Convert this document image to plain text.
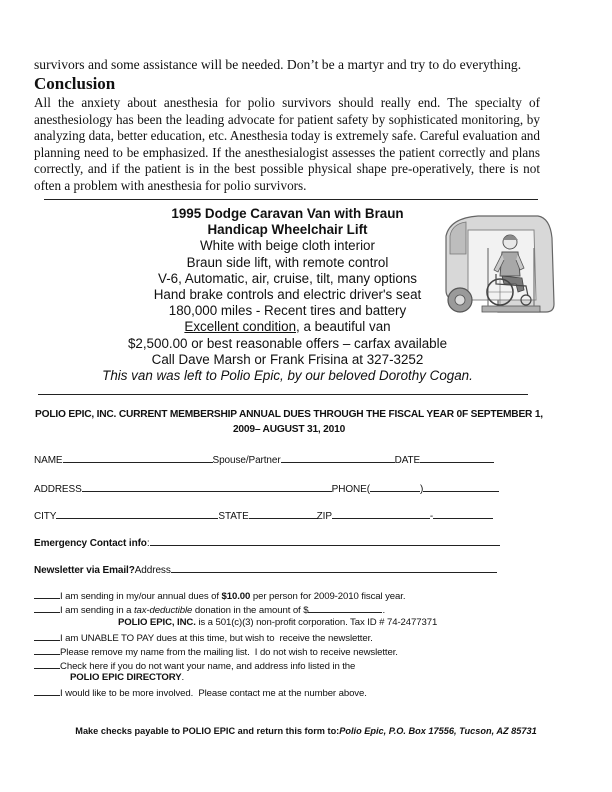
survivors and some assistance will be needed. Don’t be a martyr and try to do everything.
Conclusion
All the anxiety about anesthesia for polio survivors should really end. The specialty of anesthesiology has been the leading advocate for patient safety by sophisticated monitoring, by analyzing data, better education, etc. Anesthesia today is extremely safe. Careful evaluation and planning need to be emphasized. If the anesthesialogist assesses the patient correctly and plans correctly, and if the patient is in the best possible physical shape pre-operatively, there is not often a problem with anesthesia for polio survivors.
1995 Dodge Caravan Van with Braun
Handicap Wheelchair Lift
White with beige cloth interior
Braun side lift, with remote control
V-6, Automatic, air, cruise, tilt, many options
Hand brake controls and electric driver's seat
180,000 miles - Recent tires and battery
Excellent condition, a beautiful van
$2,500.00 or best reasonable offers – carfax available
Call Dave Marsh or Frank Frisina at 327-3252
This van was left to Polio Epic, by our beloved Dorothy Cogan.
POLIO EPIC, INC. CURRENT MEMBERSHIP ANNUAL DUES THROUGH THE FISCAL YEAR 0F SEPTEMBER 1, 2009– AUGUST 31, 2010
NAME	Spouse/Partner	DATE
ADDRESS	PHONE(	)
CITY	STATE	ZIP	-
Emergency Contact info:
Newsletter via Email?Address
I am sending in my/our annual dues of $10.00 per person for 2009-2010 fiscal year.
I am sending in a tax-deductible donation in the amount of $	.
POLIO EPIC, INC. is a 501(c)(3) non-profit corporation. Tax ID # 74-2477371
I am UNABLE TO PAY dues at this time, but wish to  receive the newsletter.
Please remove my name from the mailing list.  I do not wish to receive newsletter.
Check here if you do not want your name, and address info listed in the
POLIO EPIC DIRECTORY.
I would like to be more involved.  Please contact me at the number above.
Make checks payable to POLIO EPIC and return this form to:Polio Epic, P.O. Box 17556, Tucson, AZ 85731
